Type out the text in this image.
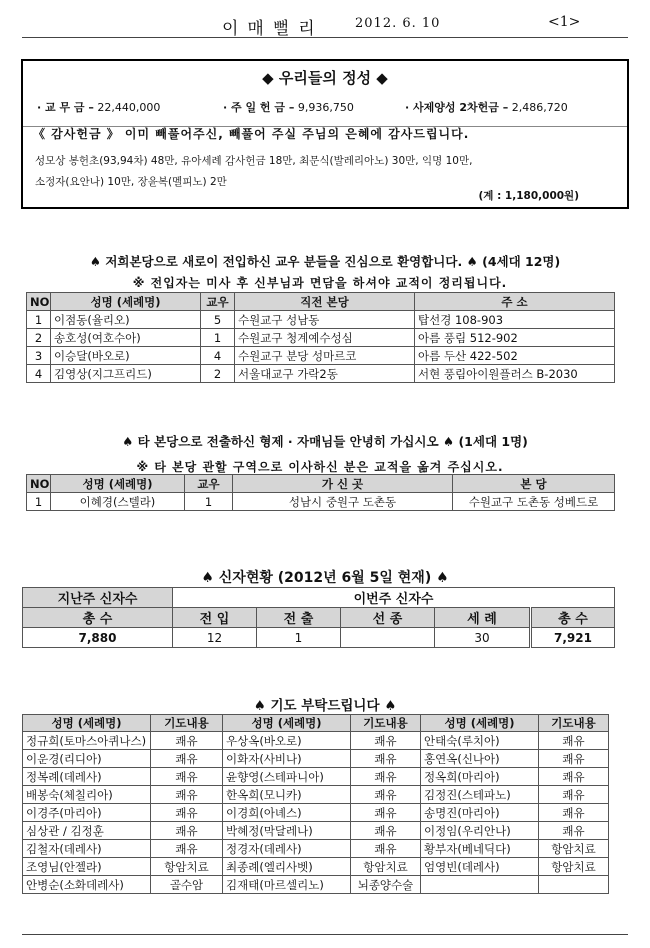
이매뻘리 2012. 6. 10	<1>
◆ 우리들의 정성 ◆
· 교 무 금 – 22,440,000	· 주 일 헌 금 – 9,936,750	· 사제양성 2차헌금 – 2,486,720
《 감사헌금 》 이미 빼풀어주신, 빼풀어 주실 주님의 은혜에 감사드립니다.
성모상 봉헌초(93,94차) 48만, 유아세례 감사헌금 18만, 최문식(발레리아노) 30만, 익명 10만,
소정자(요안나) 10만, 장윤복(멜피노) 2만
(계 : 1,180,000원)
♠ 저희본당으로 새로이 전입하신 교우 분들을 진심으로 환영합니다. ♠ (4세대 12명)
※ 전입자는 미사 후 신부님과 면담을 하셔야 교적이 정리됩니다.
NO	성명 (세례명)	교우	직전 본당	주 소
1	이점동(율리오)	5	수원교구 성남동	탑선경 108-903
2	송호성(여호수아)	1	수원교구 청계예수성심	아름 풍림 512-902
3	이승달(바오로)	4	수원교구 분당 성마르코	아름 두산 422-502
4	김영상(지그프리드)	2	서울대교구 가락2동	서현 풍림아이원플러스 B-2030
♠ 타 본당으로 전출하신 형제 · 자매님들 안녕히 가십시오 ♠ (1세대 1명)
※ 타 본당 관할 구역으로 이사하신 분은 교적을 옮겨 주십시오.
NO	성명 (세례명)	교우	가 신 곳	본 당
1	이혜경(스텔라)	1	성남시 중원구 도촌동	수원교구 도촌동 성베드로
♠ 신자현황 (2012년 6월 5일 현재) ♠
지난주 신자수	이번주 신자수				
총 수	전 입	전 출	선 종	세 례	총 수
7,880	12	1		30	7,921
♠ 기도 부탁드립니다 ♠
성명 (세례명)	기도내용	성명 (세례명)	기도내용	성명 (세례명)	기도내용
정규희(토마스아퀴나스)	쾌유	우상옥(바오로)	쾌유	안태숙(루치아)	쾌유
이운경(리디아)	쾌유	이화자(사비나)	쾌유	홍연옥(신나아)	쾌유
정복례(데레사)	쾌유	윤향영(스테파니아)	쾌유	정옥희(마리아)	쾌유
배봉숙(체칠리아)	쾌유	한옥희(모니카)	쾌유	김정진(스테파노)	쾌유
이경주(마리아)	쾌유	이경희(아녜스)	쾌유	송명진(마리아)	쾌유
심상관 / 김정훈	쾌유	박혜정(막달레나)	쾌유	이정임(우리안나)	쾌유
김철자(데레사)	쾌유	정경자(데레사)	쾌유	황부자(베네딕다)	항암치료
조영님(안젤라)	항암치료	최종례(엘리사벳)	항암치료	엄영빈(데레사)	항암치료
안병순(소화데레사)	골수암	김재태(마르셀리노)	뇌종양수술		
